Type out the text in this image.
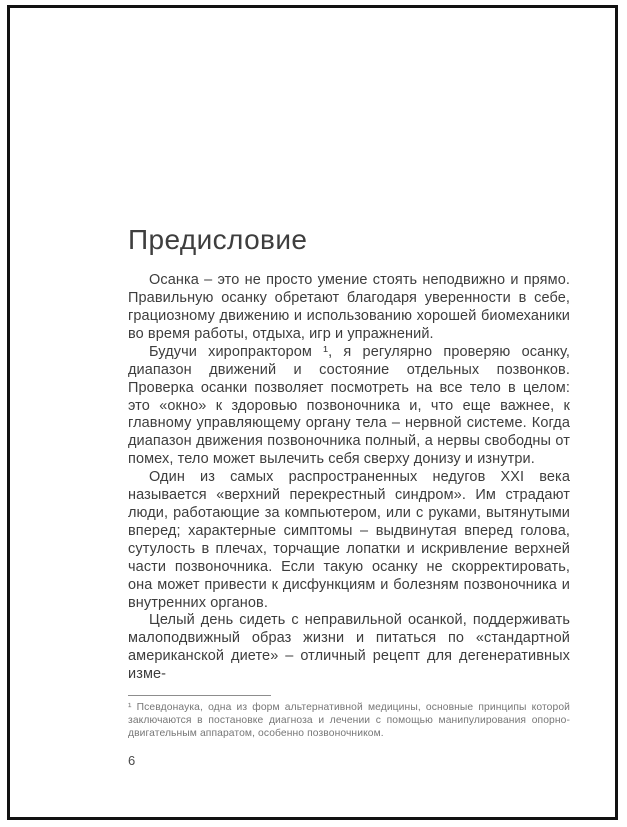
Предисловие

Осанка – это не просто умение стоять неподвижно и прямо. Правильную осанку обретают благодаря уверенности в себе, грациозному движению и использованию хорошей биомеханики во время работы, отдыха, игр и упражнений.

Будучи хиропрактором ¹, я регулярно проверяю осанку, диапазон движений и состояние отдельных позвонков. Проверка осанки позволяет посмотреть на все тело в целом: это «окно» к здоровью позвоночника и, что еще важнее, к главному управляющему органу тела – нервной системе. Когда диапазон движения позвоночника полный, а нервы свободны от помех, тело может вылечить себя сверху донизу и изнутри.

Один из самых распространенных недугов XXI века называется «верхний перекрестный синдром». Им страдают люди, работающие за компьютером, или с руками, вытянутыми вперед; характерные симптомы – выдвинутая вперед голова, сутулость в плечах, торчащие лопатки и искривление верхней части позвоночника. Если такую осанку не скорректировать, она может привести к дисфункциям и болезням позвоночника и внутренних органов.

Целый день сидеть с неправильной осанкой, поддерживать малоподвижный образ жизни и питаться по «стандартной американской диете» – отличный рецепт для дегенеративных изме-

¹ Псевдонаука, одна из форм альтернативной медицины, основные принципы которой заключаются в постановке диагноза и лечении с помощью манипулирования опорно-двигательным аппаратом, особенно позвоночником.

6
